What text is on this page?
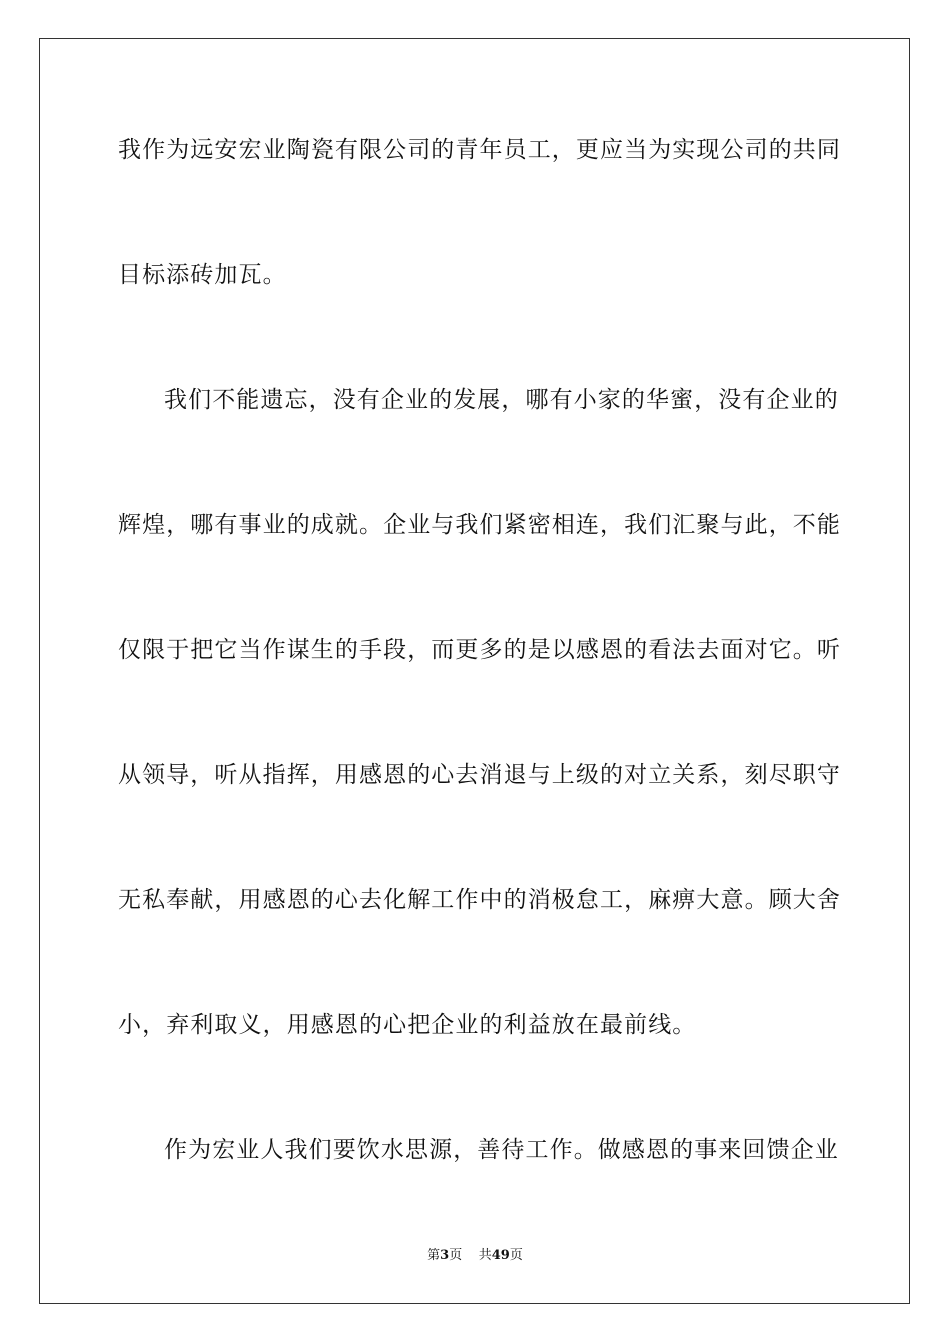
我作为远安宏业陶瓷有限公司的青年员工，更应当为实现公司的共同
目标添砖加瓦。
我们不能遗忘，没有企业的发展，哪有小家的华蜜，没有企业的
辉煌，哪有事业的成就。企业与我们紧密相连，我们汇聚与此，不能
仅限于把它当作谋生的手段，而更多的是以感恩的看法去面对它。听
从领导，听从指挥，用感恩的心去消退与上级的对立关系，刻尽职守
无私奉献，用感恩的心去化解工作中的消极怠工，麻痹大意。顾大舍
小，弃利取义，用感恩的心把企业的利益放在最前线。
作为宏业人我们要饮水思源，善待工作。做感恩的事来回馈企业
第3页 共49页
